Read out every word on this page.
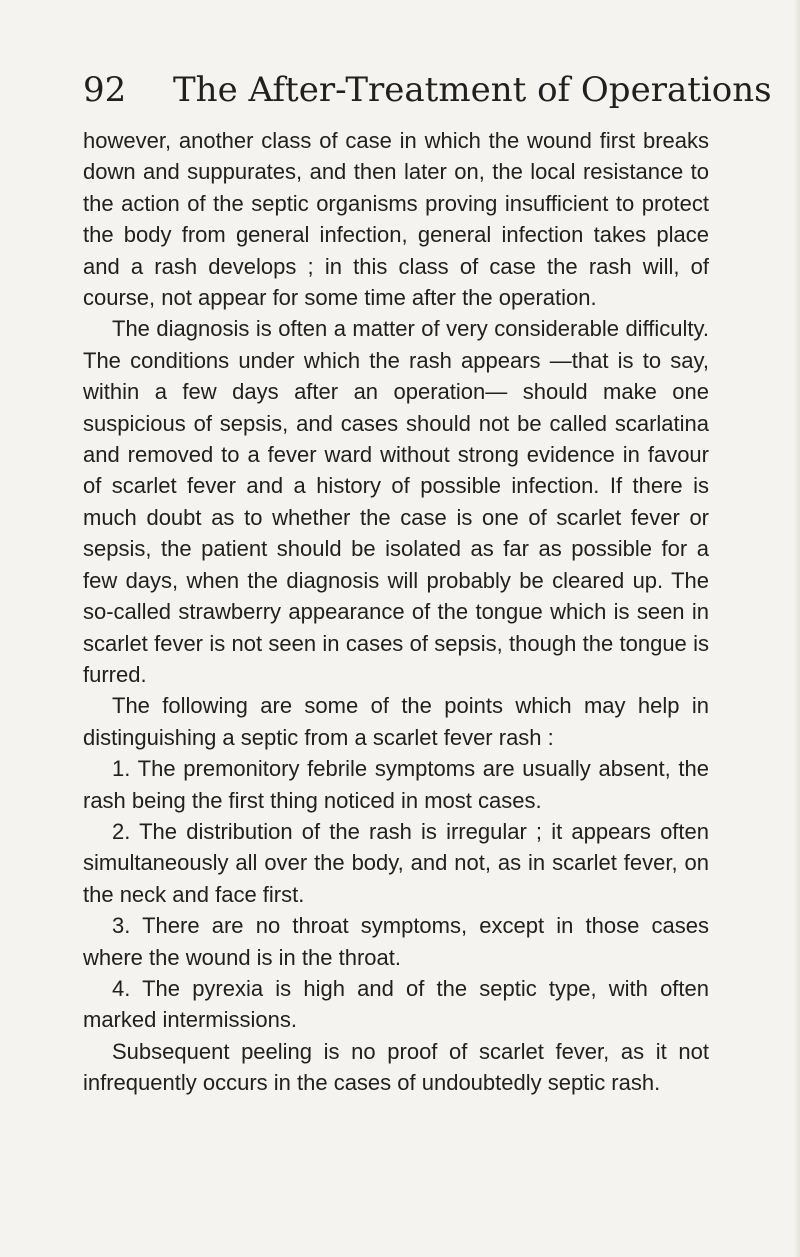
92 The After-Treatment of Operations

however, another class of case in which the wound first breaks down and suppurates, and then later on, the local resistance to the action of the septic organisms proving insufficient to protect the body from general infection, general infection takes place and a rash develops ; in this class of case the rash will, of course, not appear for some time after the operation.

The diagnosis is often a matter of very considerable difficulty. The conditions under which the rash appears —that is to say, within a few days after an operation— should make one suspicious of sepsis, and cases should not be called scarlatina and removed to a fever ward without strong evidence in favour of scarlet fever and a history of possible infection. If there is much doubt as to whether the case is one of scarlet fever or sepsis, the patient should be isolated as far as possible for a few days, when the diagnosis will probably be cleared up. The so-called strawberry appearance of the tongue which is seen in scarlet fever is not seen in cases of sepsis, though the tongue is furred.

The following are some of the points which may help in distinguishing a septic from a scarlet fever rash :

1. The premonitory febrile symptoms are usually absent, the rash being the first thing noticed in most cases.

2. The distribution of the rash is irregular ; it appears often simultaneously all over the body, and not, as in scarlet fever, on the neck and face first.

3. There are no throat symptoms, except in those cases where the wound is in the throat.

4. The pyrexia is high and of the septic type, with often marked intermissions.

Subsequent peeling is no proof of scarlet fever, as it not infrequently occurs in the cases of undoubtedly septic rash.
